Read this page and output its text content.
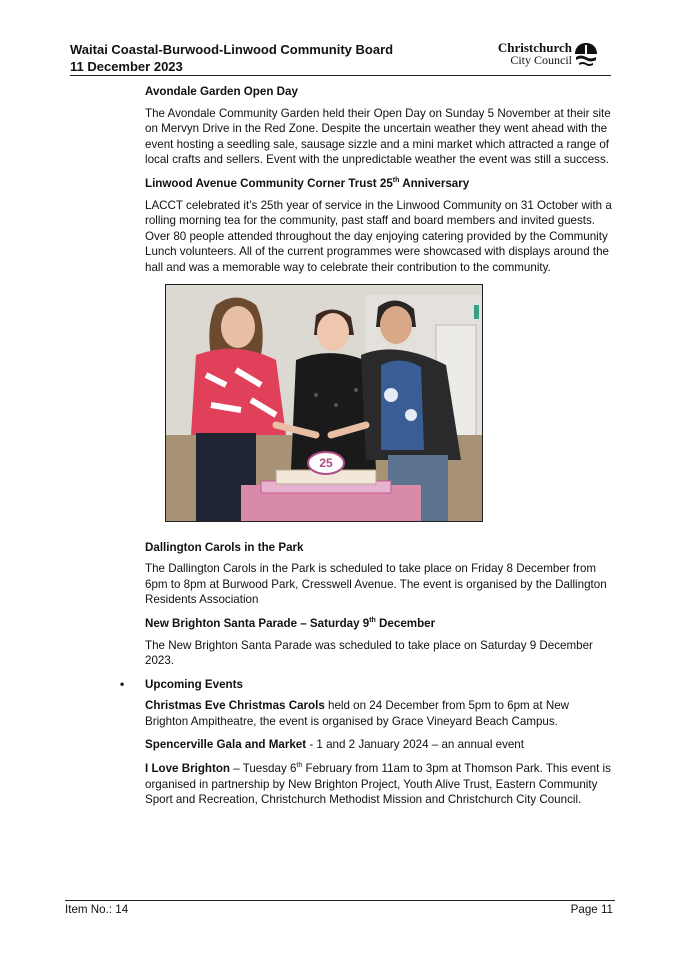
Waitai Coastal-Burwood-Linwood Community Board
11 December 2023
Christchurch
City Council
Avondale Garden Open Day

The Avondale Community Garden held their Open Day on Sunday 5 November at their site on Mervyn Drive in the Red Zone. Despite the uncertain weather they went ahead with the event hosting a seedling sale, sausage sizzle and a mini market which attracted a range of local crafts and sellers. Event with the unpredictable weather the event was still a success.

Linwood Avenue Community Corner Trust 25th Anniversary

LACCT celebrated it’s 25th year of service in the Linwood Community on 31 October with a rolling morning tea for the community, past staff and board members and invited guests. Over 80 people attended throughout the day enjoying catering provided by the Community Lunch volunteers. All of the current programmes were showcased with displays around the hall and was a memorable way to celebrate their contribution to the community.

25
Dallington Carols in the Park

The Dallington Carols in the Park is scheduled to take place on Friday 8 December from 6pm to 8pm at Burwood Park, Cresswell Avenue. The event is organised by the Dallington Residents Association

New Brighton Santa Parade – Saturday 9th December

The New Brighton Santa Parade was scheduled to take place on Saturday 9 December 2023.

• Upcoming Events

Christmas Eve Christmas Carols held on 24 December from 5pm to 6pm at New Brighton Ampitheatre, the event is organised by Grace Vineyard Beach Campus.

Spencerville Gala and Market - 1 and 2 January 2024 – an annual event

I Love Brighton – Tuesday 6th February from 11am to 3pm at Thomson Park. This event is organised in partnership by New Brighton Project, Youth Alive Trust, Eastern Community Sport and Recreation, Christchurch Methodist Mission and Christchurch City Council.

Item No.: 14	Page 11
